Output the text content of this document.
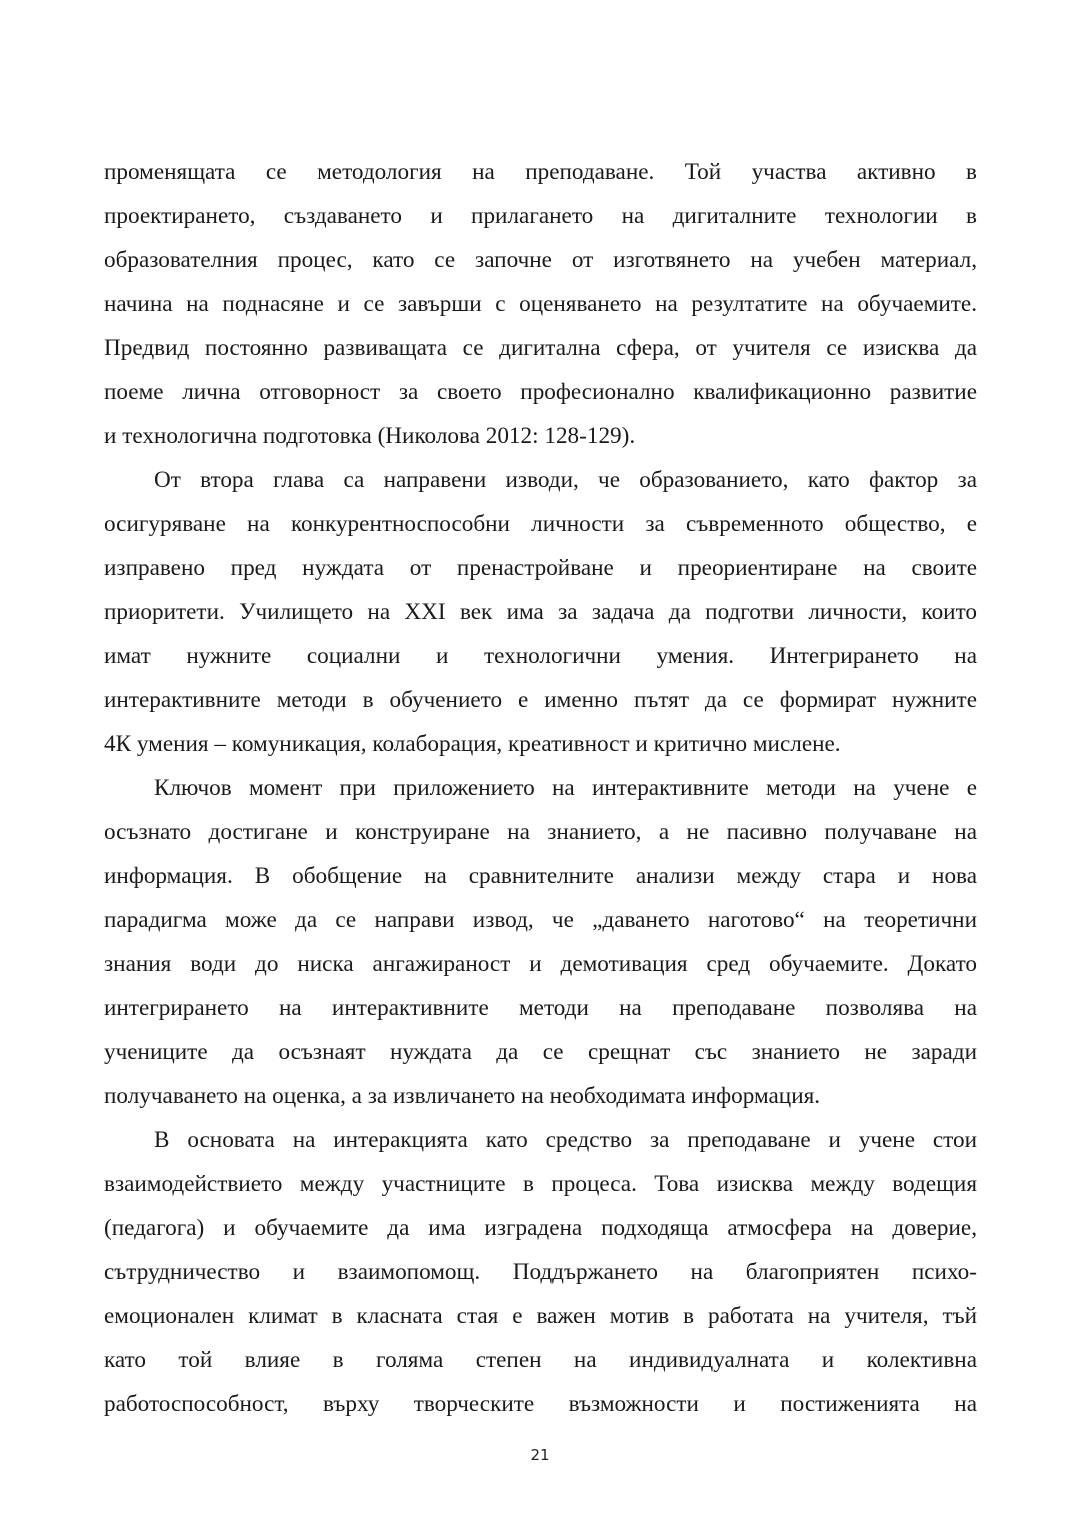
променящата се методология на преподаване. Той участва активно в
проектирането, създаването и прилагането на дигиталните технологии в
образователния процес, като се започне от изготвянето на учебен материал,
начина на поднасяне и се завърши с оценяването на резултатите на обучаемите.
Предвид постоянно развиващата се дигитална сфера, от учителя се изисква да
поеме лична отговорност за своето професионално квалификационно развитие
и технологична подготовка (Николова 2012: 128-129).
От втора глава са направени изводи, че образованието, като фактор за
осигуряване на конкурентноспособни личности за съвременното общество, е
изправено пред нуждата от пренастройване и преориентиране на своите
приоритети. Училището на XXI век има за задача да подготви личности, които
имат нужните социални и технологични умения. Интегрирането на
интерактивните методи в обучението е именно пътят да се формират нужните
4К умения – комуникация, колаборация, креативност и критично мислене.
Ключов момент при приложението на интерактивните методи на учене е
осъзнато достигане и конструиране на знанието, а не пасивно получаване на
информация. В обобщение на сравнителните анализи между стара и нова
парадигма може да се направи извод, че „даването наготово“ на теоретични
знания води до ниска ангажираност и демотивация сред обучаемите. Докато
интегрирането на интерактивните методи на преподаване позволява на
учениците да осъзнаят нуждата да се срещнат със знанието не заради
получаването на оценка, а за извличането на необходимата информация.
В основата на интеракцията като средство за преподаване и учене стои
взаимодействието между участниците в процеса. Това изисква между водещия
(педагога) и обучаемите да има изградена подходяща атмосфера на доверие,
сътрудничество и взаимопомощ. Поддържането на благоприятен психо-
емоционален климат в класната стая е важен мотив в работата на учителя, тъй
като той влияе в голяма степен на индивидуалната и колективна
работоспособност, върху творческите възможности и постиженията на
21
